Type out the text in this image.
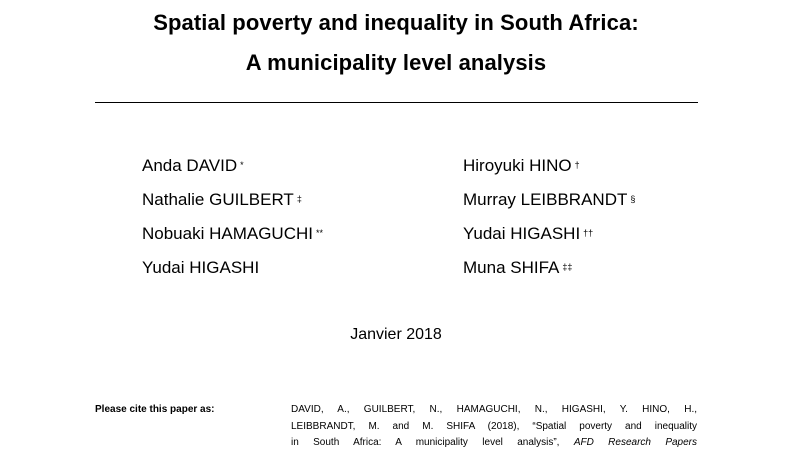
Spatial poverty and inequality in South Africa:
A municipality level analysis
Anda DAVID *
Nathalie GUILBERT ‡
Nobuaki HAMAGUCHI **
Yudai HIGASHI
Hiroyuki HINO †
Murray LEIBBRANDT §
Yudai HIGASHI ††
Muna SHIFA ‡‡
Janvier 2018
Please cite this paper as:	DAVID, A., GUILBERT, N., HAMAGUCHI, N., HIGASHI, Y. HINO, H.,
LEIBBRANDT, M. and M. SHIFA (2018), “Spatial poverty and inequality
in South Africa: A municipality level analysis”, AFD Research Papers
